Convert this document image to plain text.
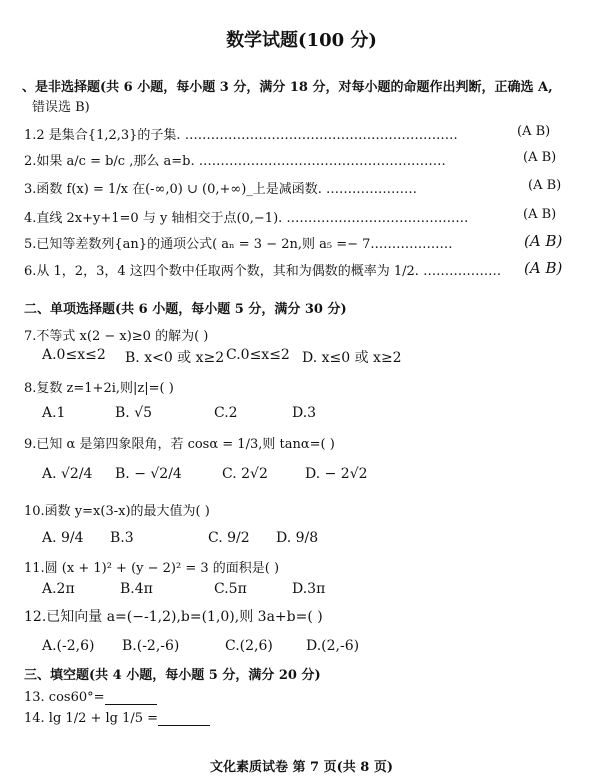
数学试题(100 分)
、是非选择题(共 6 小题，每小题 3 分，满分 18 分，对每小题的命题作出判断，正确选 A,
错误选 B)
1.2 是集合{1,2,3}的子集. ………………………………………………………	(A B)
2.如果 a/c = b/c ,那么 a=b. …………………………………………………	(A B)
3.函数 f(x) = 1/x 在(-∞,0) ∪ (0,+∞)_上是减函数. …………………	(A B)
4.直线 2x+y+1=0 与 y 轴相交于点(0,−1). ……………………………………	(A B)
5.已知等差数列{an}的通项公式( aₙ = 3 − 2n,则 a₅ =− 7.………………	(A B)
6.从 1，2，3，4 这四个数中任取两个数，其和为偶数的概率为 1/2. ……………… (A B)
二、单项选择题(共 6 小题，每小题 5 分，满分 30 分)
7.不等式 x(2 − x)≥0 的解为( )
A.0≤x≤2 B. x<0 或 x≥2 C.0≤x≤2 D. x≤0 或 x≥2
8.复数 z=1+2i,则|z|=( )
A.1	B. √5	C.2	D.3
9.已知 α 是第四象限角，若 cosα = 1/3,则 tanα=( )
A. √2/4 B. − √2/4	C. 2√2	D. − 2√2
10.函数 y=x(3-x)的最大值为( )
A. 9/4 B.3	C. 9/2 D. 9/8
11.圆 (x + 1)² + (y − 2)² = 3 的面积是( )
A.2π	B.4π	C.5π	D.3π
12.已知向量 a=(−-1,2),b=(1,0),则 3a+b=( )
A.(-2,6) B.(-2,-6)	C.(2,6) D.(2,-6)
三、填空题(共 4 小题，每小题 5 分，满分 20 分)
13. cos60°=
14. lg 1/2 + lg 1/5 =
文化素质试卷 第 7 页(共 8 页)
